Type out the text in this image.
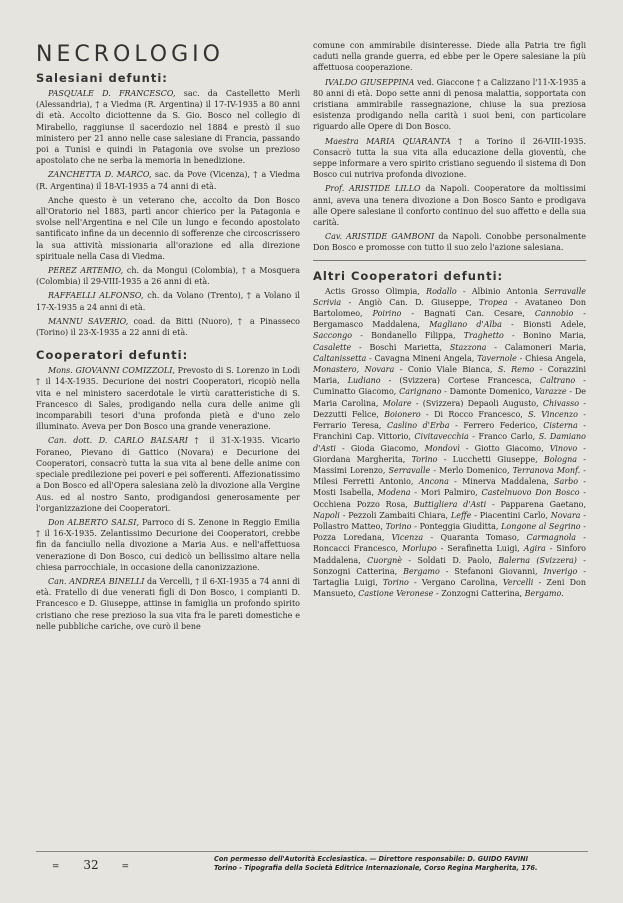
NECROLOGIO
Salesiani defunti:

PASQUALE D. FRANCESCO, sac. da Castelletto Merli (Alessandria), † a Viedma (R. Argentina) il 17-IV-1935 a 80 anni di età. Accolto diciottenne da S. Gio. Bosco nel collegio di Mirabello, raggiunse il sacerdozio nel 1884 e prestò il suo ministero per 21 anno nelle case salesiane di Francia, passando poi a Tunisi e quindi in Patagonia ove svolse un prezioso apostolato che ne serba la memoria in benedizione.

ZANCHETTA D. MARCO, sac. da Pove (Vicenza), † a Viedma (R. Argentina) il 18-VI-1935 a 74 anni di età.

Anche questo è un veterano che, accolto da Don Bosco all'Oratorio nel 1883, partì ancor chierico per la Patagonia e svolse nell'Argentina e nel Cile un lungo e fecondo apostolato santificato infine da un decennio di sofferenze che circoscrissero la sua attività missionaria all'orazione ed alla direzione spirituale nella Casa di Viedma.

PEREZ ARTEMIO, ch. da Mongui (Colombia), † a Mosquera (Colombia) il 29-VIII-1935 a 26 anni di età.

RAFFAELLI ALFONSO, ch. da Volano (Trento), † a Volano il 17-X-1935 a 24 anni di età.

MANNU SAVERIO, coad. da Bitti (Nuoro), † a Pinasseco (Torino) il 23-X-1935 a 22 anni di età.

Cooperatori defunti:

Mons. GIOVANNI COMIZZOLI, Prevosto di S. Lorenzo in Lodi † il 14-X-1935. Decurione dei nostri Cooperatori, ricopiò nella vita e nel ministero sacerdotale le virtù caratteristiche di S. Francesco di Sales, prodigando nella cura delle anime gli incomparabili tesori d'una profonda pietà e d'uno zelo illuminato. Aveva per Don Bosco una grande venerazione.

Can. dott. D. CARLO BALSARI † il 31-X-1935. Vicario Foraneo, Pievano di Gattico (Novara) e Decurione dei Cooperatori, consacrò tutta la sua vita al bene delle anime con speciale predilezione pei poveri e pei sofferenti. Affezionatissimo a Don Bosco ed all'Opera salesiana zelò la divozione alla Vergine Aus. ed al nostro Santo, prodigandosi generosamente per l'organizzazione dei Cooperatori.

Don ALBERTO SALSI, Parroco di S. Zenone in Reggio Emilia † il 16-X-1935. Zelantissimo Decurione dei Cooperatori, crebbe fin da fanciullo nella divozione a Maria Aus. e nell'affettuosa venerazione di Don Bosco, cui dedicò un bellissimo altare nella chiesa parrocchiale, in occasione della canonizzazione.

Can. ANDREA BINELLI da Vercelli, † il 6-XI-1935 a 74 anni di età. Fratello di due venerati figli di Don Bosco, i compianti D. Francesco e D. Giuseppe, attinse in famiglia un profondo spirito cristiano che rese prezioso la sua vita fra le pareti domestiche e nelle pubbliche cariche, ove curò il bene

comune con ammirabile disinteresse. Diede alla Patria tre figli caduti nella grande guerra, ed ebbe per le Opere salesiane la più affettuosa cooperazione.

IVALDO GIUSEPPINA ved. Giaccone † a Calizzano l'11-X-1935 a 80 anni di età. Dopo sette anni di penosa malattia, sopportata con cristiana ammirabile rassegnazione, chiuse la sua preziosa esistenza prodigando nella carità i suoi beni, con particolare riguardo alle Opere di Don Bosco.

Maestra MARIA QUARANTA † a Torino il 26-VIII-1935. Consacrò tutta la sua vita alla educazione della gioventù, che seppe informare a vero spirito cristiano seguendo il sistema di Don Bosco cui nutriva profonda divozione.

Prof. ARISTIDE LILLO da Napoli. Cooperatore da moltissimi anni, aveva una tenera divozione a Don Bosco Santo e prodigava alle Opere salesiane il conforto continuo del suo affetto e della sua carità.

Cav. ARISTIDE GAMBONI da Napoli. Conobbe personalmente Don Bosco e promosse con tutto il suo zelo l'azione salesiana.

Altri Cooperatori defunti:

Actis Grosso Olimpia, Rodallo - Albinio Antonia Serravalle Scrivia - Angiò Can. D. Giuseppe, Tropea - Avataneo Don Bartolomeo, Poirino - Bagnati Can. Cesare, Cannobio - Bergamasco Maddalena, Magliano d'Alba - Bionsti Adele, Saccongo - Bondanello Filippa, Traghetto - Bonino Maria, Casalette - Boschi Marietta, Stazzona - Calamoneri Maria, Caltanissetta - Cavagna Mineni Angela, Tavernole - Chiesa Angela, Monastero, Novara - Conio Viale Bianca, S. Remo - Corazzini Maria, Ludiano - (Svizzera) Cortese Francesca, Caltrano - Cuminatto Giacomo, Carignano - Damonte Domenico, Varazze - De Maria Carolina, Molare - (Svizzera) Depaoli Augusto, Chivasso - Dezzutti Felice, Boionero - Di Rocco Francesco, S. Vincenzo - Ferrario Teresa, Caslino d'Erba - Ferrero Federico, Cisterna - Franchini Cap. Vittorio, Civitavecchia - Franco Carlo, S. Damiano d'Asti - Gioda Giacomo, Mondovì - Giotto Giacomo, Vinovo - Giordana Margherita, Torino - Lucchetti Giuseppe, Bologna - Massimi Lorenzo, Serravalle - Merlo Domenico, Terranova Monf. - Milesi Ferretti Antonio, Ancona - Minerva Maddalena, Sarbo - Mosti Isabella, Modena - Mori Palmiro, Castelnuovo Don Bosco - Occhiena Pozzo Rosa, Buttigliera d'Asti - Papparena Gaetano, Napoli - Pezzoli Zambaiti Chiara, Leffe - Piacentini Carlo, Novara - Pollastro Matteo, Torino - Ponteggia Giuditta, Longone al Segrino - Pozza Loredana, Vicenza - Quaranta Tomaso, Carmagnola - Roncacci Francesco, Morlupo - Serafinetta Luigi, Agira - Sinforo Maddalena, Cuorgnè - Soldati D. Paolo, Balerna (Svizzera) - Sonzogni Catterina, Bergamo - Stefanoni Giovanni, Inverigo - Tartaglia Luigi, Torino - Vergano Carolina, Vercelli - Zeni Don Mansueto, Castione Veronese - Zonzogni Catterina, Bergamo.

= 32	=
Con permesso dell'Autorità Ecclesiastica. — Direttore responsabile: D. GUIDO FAVINI
Torino - Tipografia della Società Editrice Internazionale, Corso Regina Margherita, 176.
